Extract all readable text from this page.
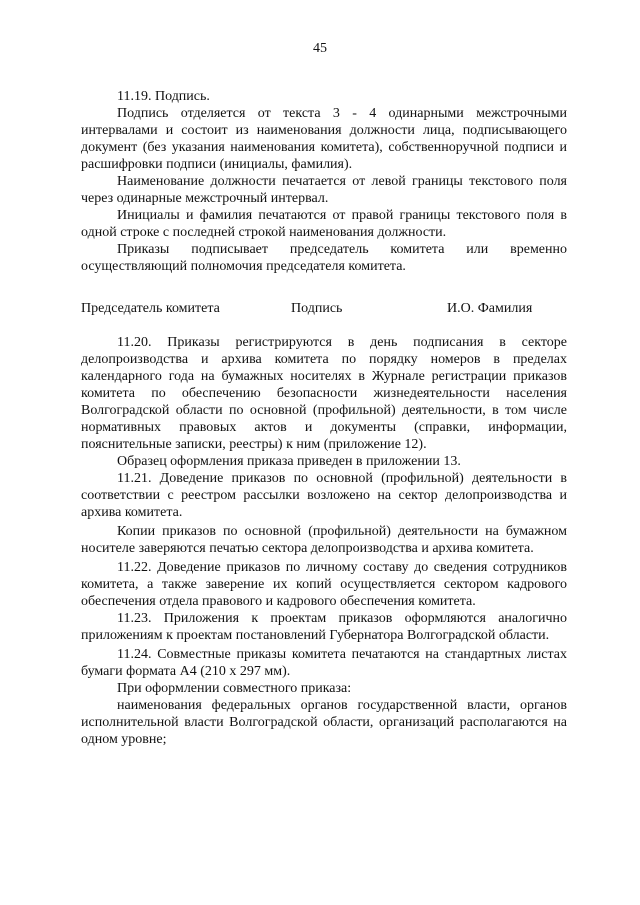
45

11.19. Подпись.

Подпись отделяется от текста 3 - 4 одинарными межстрочными интервалами и состоит из наименования должности лица, подписывающего документ (без указания наименования комитета), собственноручной подписи и расшифровки подписи (инициалы, фамилия).

Наименование должности печатается от левой границы текстового поля через одинарные межстрочный интервал.

Инициалы и фамилия печатаются от правой границы текстового поля в одной строке с последней строкой наименования должности.

Приказы подписывает председатель комитета или временно осуществляющий полномочия председателя комитета.

Председатель комитета	Подпись	И.О. Фамилия

11.20. Приказы регистрируются в день подписания в секторе делопроизводства и архива комитета по порядку номеров в пределах календарного года на бумажных носителях в Журнале регистрации приказов комитета по обеспечению безопасности жизнедеятельности населения Волгоградской области по основной (профильной) деятельности, в том числе нормативных правовых актов и документы (справки, информации, пояснительные записки, реестры) к ним (приложение 12).

Образец оформления приказа приведен в приложении 13.

11.21. Доведение приказов по основной (профильной) деятельности в соответствии с реестром рассылки возложено на сектор делопроизводства и архива комитета.

Копии приказов по основной (профильной) деятельности на бумажном носителе заверяются печатью сектора делопроизводства и архива комитета.

11.22. Доведение приказов по личному составу до сведения сотрудников комитета, а также заверение их копий осуществляется сектором кадрового обеспечения отдела правового и кадрового обеспечения комитета.

11.23. Приложения к проектам приказов оформляются аналогично приложениям к проектам постановлений Губернатора Волгоградской области.

11.24. Совместные приказы комитета печатаются на стандартных листах бумаги формата А4 (210 х 297 мм).

При оформлении совместного приказа:

наименования федеральных органов государственной власти, органов исполнительной власти Волгоградской области, организаций располагаются на одном уровне;
